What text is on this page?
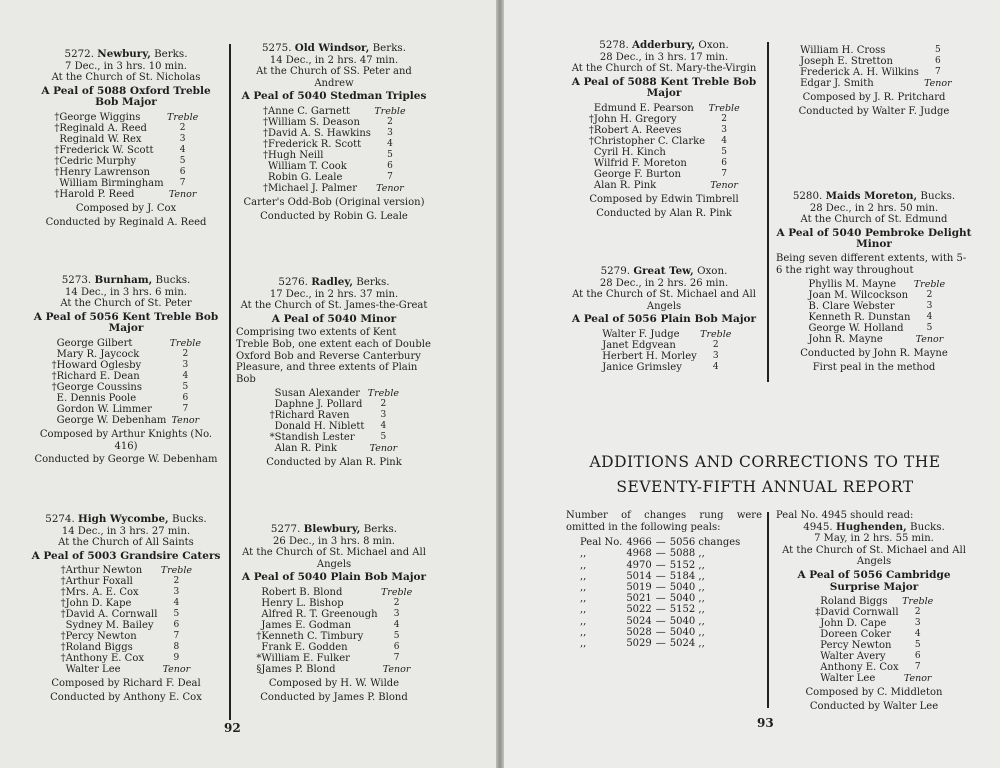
5272. Newbury, Berks.
7 Dec., in 3 hrs. 10 min.
At the Church of St. Nicholas
A Peal of 5088 Oxford Treble Bob Major
†	George Wiggins	Treble
†	Reginald A. Reed	2
	Reginald W. Rex	3
†	Frederick W. Scott	4
†	Cedric Murphy	5
†	Henry Lawrenson	6
	William Birmingham	7
†	Harold P. Reed	Tenor
Composed by J. Cox
Conducted by Reginald A. Reed
5273. Burnham, Bucks.
14 Dec., in 3 hrs. 6 min.
At the Church of St. Peter
A Peal of 5056 Kent Treble Bob Major
	George Gilbert	Treble
	Mary R. Jaycock	2
†	Howard Oglesby	3
†	Richard E. Dean	4
†	George Coussins	5
	E. Dennis Poole	6
	Gordon W. Limmer	7
	George W. Debenham	Tenor
Composed by Arthur Knights (No. 416)
Conducted by George W. Debenham
5274. High Wycombe, Bucks.
14 Dec., in 3 hrs. 27 min.
At the Church of All Saints
A Peal of 5003 Grandsire Caters
†	Arthur Newton	Treble
†	Arthur Foxall	2
†	Mrs. A. E. Cox	3
†	John D. Kape	4
†	David A. Cornwall	5
	Sydney M. Bailey	6
†	Percy Newton	7
†	Roland Biggs	8
†	Anthony E. Cox	9
	Walter Lee	Tenor
Composed by Richard F. Deal
Conducted by Anthony E. Cox
5275. Old Windsor, Berks.
14 Dec., in 2 hrs. 47 min.
At the Church of SS. Peter and Andrew
A Peal of 5040 Stedman Triples
†	Anne C. Garnett	Treble
†	William S. Deason	2
†	David A. S. Hawkins	3
†	Frederick R. Scott	4
†	Hugh Neill	5
	William T. Cook	6
	Robin G. Leale	7
†	Michael J. Palmer	Tenor
Carter's Odd-Bob (Original version)
Conducted by Robin G. Leale
5276. Radley, Berks.
17 Dec., in 2 hrs. 37 min.
At the Church of St. James-the-Great
A Peal of 5040 Minor
Comprising two extents of Kent Treble Bob, one extent each of Double Oxford Bob and Reverse Canterbury Pleasure, and three extents of Plain Bob
	Susan Alexander	Treble
	Daphne J. Pollard	2
†	Richard Raven	3
	Donald H. Niblett	4
*	Standish Lester	5
	Alan R. Pink	Tenor
Conducted by Alan R. Pink
5277. Blewbury, Berks.
26 Dec., in 3 hrs. 8 min.
At the Church of St. Michael and All Angels
A Peal of 5040 Plain Bob Major
	Robert B. Blond	Treble
	Henry L. Bishop	2
	Alfred R. T. Greenough	3
	James E. Godman	4
†	Kenneth C. Timbury	5
	Frank E. Godden	6
*	William E. Fulker	7
§	James P. Blond	Tenor
Composed by H. W. Wilde
Conducted by James P. Blond
92
5278. Adderbury, Oxon.
28 Dec., in 3 hrs. 17 min.
At the Church of St. Mary-the-Virgin
A Peal of 5088 Kent Treble Bob Major
	Edmund E. Pearson	Treble
†	John H. Gregory	2
†	Robert A. Reeves	3
†	Christopher C. Clarke	4
	Cyril H. Kinch	5
	Wilfrid F. Moreton	6
	George F. Burton	7
	Alan R. Pink	Tenor
Composed by Edwin Timbrell
Conducted by Alan R. Pink
5279. Great Tew, Oxon.
28 Dec., in 2 hrs. 26 min.
At the Church of St. Michael and All Angels
A Peal of 5056 Plain Bob Major
	Walter F. Judge	Treble
	Janet Edgvean	2
	Herbert H. Morley	3
	Janice Grimsley	4
	William H. Cross	5
	Joseph E. Stretton	6
	Frederick A. H. Wilkins	7
	Edgar J. Smith	Tenor
Composed by J. R. Pritchard
Conducted by Walter F. Judge
5280. Maids Moreton, Bucks.
28 Dec., in 2 hrs. 50 min.
At the Church of St. Edmund
A Peal of 5040 Pembroke Delight Minor
Being seven different extents, with 5-6 the right way throughout
	Phyllis M. Mayne	Treble
	Joan M. Wilcockson	2
	B. Clare Webster	3
	Kenneth R. Dunstan	4
	George W. Holland	5
	John R. Mayne	Tenor
Conducted by John R. Mayne
First peal in the method
ADDITIONS AND CORRECTIONS TO THE
SEVENTY-FIFTH ANNUAL REPORT
Number of changes rung were omitted in the following peals:
Peal No.	4966	—	5056 changes
,,	4968	—	5088 ,,
,,	4970	—	5152 ,,
,,	5014	—	5184 ,,
,,	5019	—	5040 ,,
,,	5021	—	5040 ,,
,,	5022	—	5152 ,,
,,	5024	—	5040 ,,
,,	5028	—	5040 ,,
,,	5029	—	5024 ,,
Peal No. 4945 should read:
4945. Hughenden, Bucks.
7 May, in 2 hrs. 55 min.
At the Church of St. Michael and All Angels
A Peal of 5056 Cambridge Surprise Major
	Roland Biggs	Treble
‡	David Cornwall	2
	John D. Cape	3
	Doreen Coker	4
	Percy Newton	5
	Walter Avery	6
	Anthony E. Cox	7
	Walter Lee	Tenor
Composed by C. Middleton
Conducted by Walter Lee
93
